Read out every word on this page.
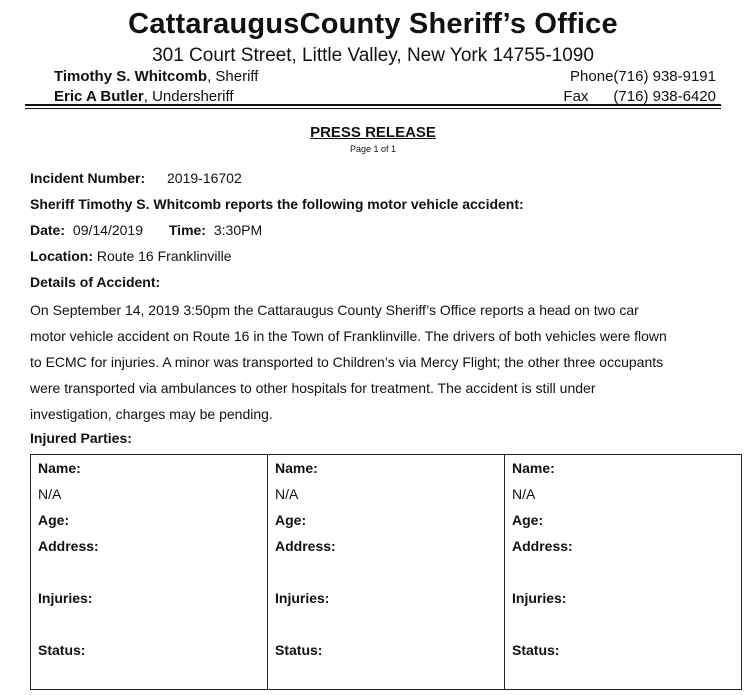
CattaraugusCounty Sheriff’s Office
301 Court Street, Little Valley, New York 14755-1090
Timothy S. Whitcomb, Sheriff	Phone(716) 938-9191
Eric A Butler, Undersheriff	Fax      (716) 938-6420
PRESS RELEASE
Page 1 of 1
Incident Number: 2019-16702
Sheriff Timothy S. Whitcomb reports the following motor vehicle accident:
Date: 09/14/2019 Time: 3:30PM
Location: Route 16 Franklinville
Details of Accident:
On September 14, 2019 3:50pm the Cattaraugus County Sheriff’s Office reports a head on two car
motor vehicle accident on Route 16 in the Town of Franklinville. The drivers of both vehicles were flown
to ECMC for injuries. A minor was transported to Children’s via Mercy Flight; the other three occupants
were transported via ambulances to other hospitals for treatment. The accident is still under
investigation, charges may be pending.
Injured Parties:
Name:
N/A
Age:
Address:
Injuries:
Status:

Name:
N/A
Age:
Address:
Injuries:
Status:

Name:
N/A
Age:
Address:
Injuries:
Status:
